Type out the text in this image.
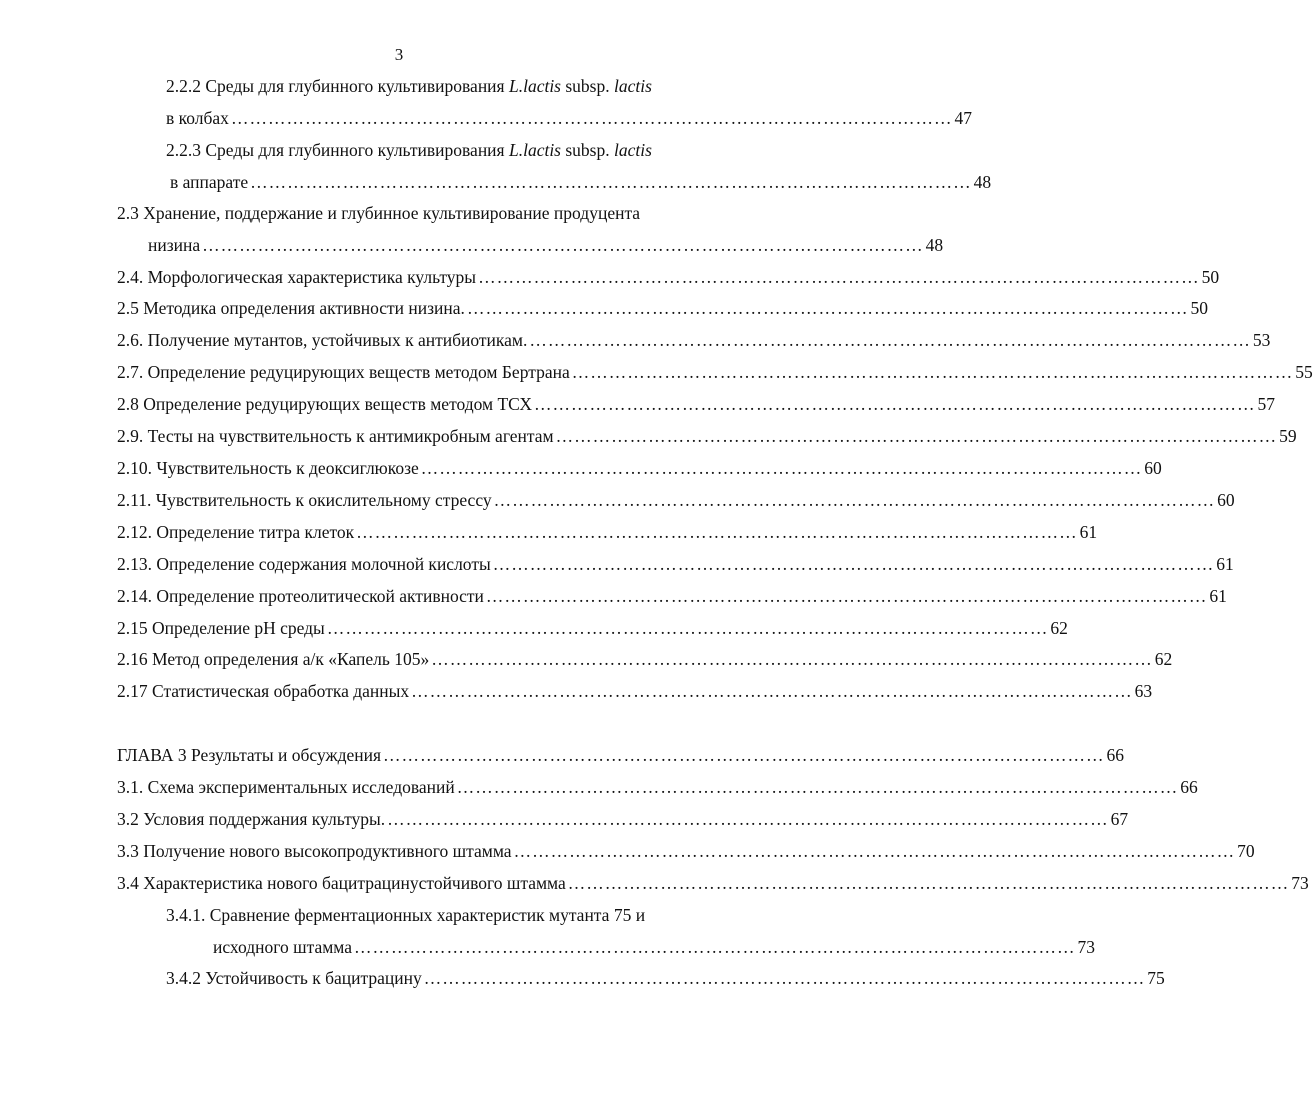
3
2.2.2 Среды для глубинного культивирования L.lactis subsp. lactis
в колбах ……………………………………………………………………………………………………… 47
2.2.3 Среды для глубинного культивирования L.lactis subsp. lactis
в аппарате ……………………………………………………………………………………………………… 48
2.3 Хранение, поддержание и глубинное культивирование продуцента
низина ……………………………………………………………………………………………………… 48
2.4. Морфологическая характеристика культуры ……………………………………………………………………………………………………… 50
2.5 Методика определения активности низина. ……………………………………………………………………………………………………… 50
2.6. Получение мутантов, устойчивых к антибиотикам. ……………………………………………………………………………………………………… 53
2.7. Определение редуцирующих веществ методом Бертрана ……………………………………………………………………………………………………… 55
2.8 Определение редуцирующих веществ методом ТСХ ……………………………………………………………………………………………………… 57
2.9. Тесты на чувствительность к антимикробным агентам ……………………………………………………………………………………………………… 59
2.10. Чувствительность к деоксиглюкозе ……………………………………………………………………………………………………… 60
2.11. Чувствительность к окислительному стрессу ……………………………………………………………………………………………………… 60
2.12. Определение титра клеток ……………………………………………………………………………………………………… 61
2.13. Определение содержания молочной кислоты ……………………………………………………………………………………………………… 61
2.14. Определение протеолитической активности ……………………………………………………………………………………………………… 61
2.15 Определение рН среды ……………………………………………………………………………………………………… 62
2.16 Метод определения а/к «Капель 105» ……………………………………………………………………………………………………… 62
2.17 Статистическая обработка данных ……………………………………………………………………………………………………… 63
ГЛАВА 3 Результаты и обсуждения ……………………………………………………………………………………………………… 66
3.1. Схема экспериментальных исследований ……………………………………………………………………………………………………… 66
3.2 Условия поддержания культуры. ……………………………………………………………………………………………………… 67
3.3 Получение нового высокопродуктивного штамма ……………………………………………………………………………………………………… 70
3.4 Характеристика нового бацитрацинустойчивого штамма ……………………………………………………………………………………………………… 73
3.4.1. Сравнение ферментационных характеристик мутанта 75 и
исходного штамма ……………………………………………………………………………………………………… 73
3.4.2 Устойчивость к бацитрацину ……………………………………………………………………………………………………… 75
